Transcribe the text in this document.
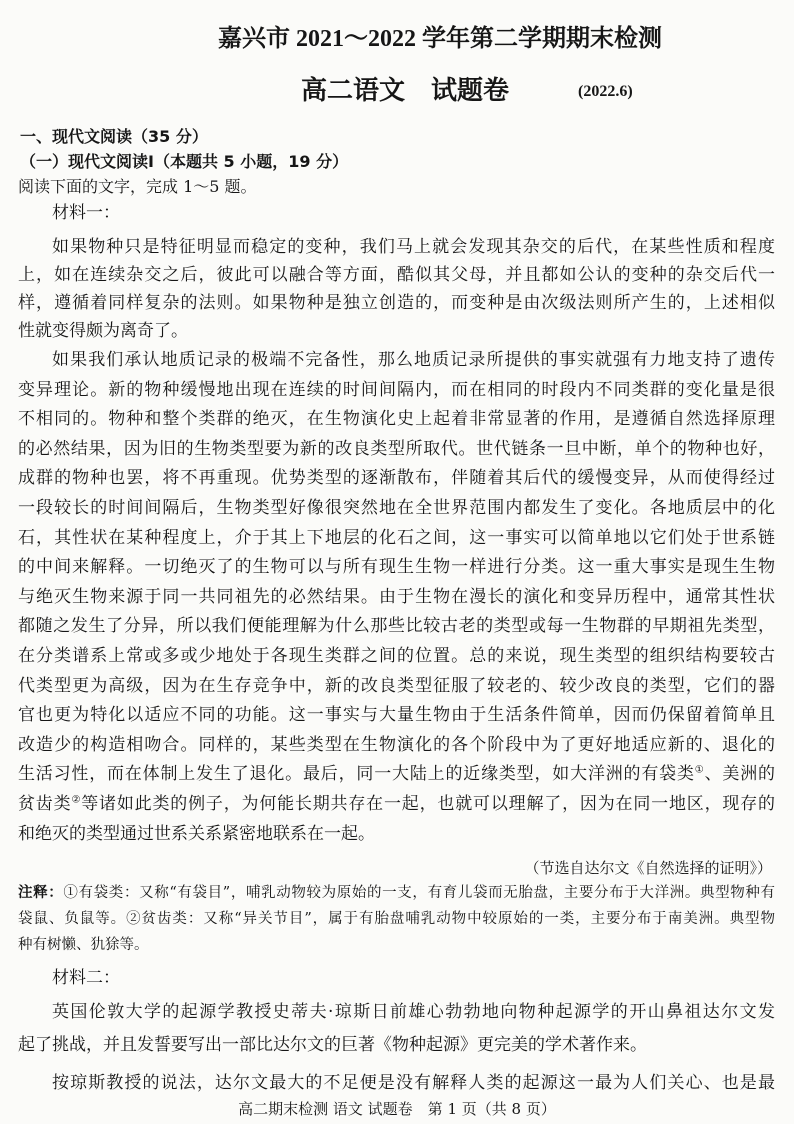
嘉兴市 2021～2022 学年第二学期期末检测
高二语文　试题卷	(2022.6)
一、现代文阅读（35 分）
（一）现代文阅读Ⅰ（本题共 5 小题，19 分）
阅读下面的文字，完成 1～5 题。
材料一：
如果物种只是特征明显而稳定的变种，我们马上就会发现其杂交的后代，在某些性质和程度
上，如在连续杂交之后，彼此可以融合等方面，酷似其父母，并且都如公认的变种的杂交后代一
样，遵循着同样复杂的法则。如果物种是独立创造的，而变种是由次级法则所产生的，上述相似
性就变得颇为离奇了。
如果我们承认地质记录的极端不完备性，那么地质记录所提供的事实就强有力地支持了遗传
变异理论。新的物种缓慢地出现在连续的时间间隔内，而在相同的时段内不同类群的变化量是很
不相同的。物种和整个类群的绝灭，在生物演化史上起着非常显著的作用，是遵循自然选择原理
的必然结果，因为旧的生物类型要为新的改良类型所取代。世代链条一旦中断，单个的物种也好，
成群的物种也罢，将不再重现。优势类型的逐渐散布，伴随着其后代的缓慢变异，从而使得经过
一段较长的时间间隔后，生物类型好像很突然地在全世界范围内都发生了变化。各地质层中的化
石，其性状在某种程度上，介于其上下地层的化石之间，这一事实可以简单地以它们处于世系链
的中间来解释。一切绝灭了的生物可以与所有现生生物一样进行分类。这一重大事实是现生生物
与绝灭生物来源于同一共同祖先的必然结果。由于生物在漫长的演化和变异历程中，通常其性状
都随之发生了分异，所以我们便能理解为什么那些比较古老的类型或每一生物群的早期祖先类型，
在分类谱系上常或多或少地处于各现生类群之间的位置。总的来说，现生类型的组织结构要较古
代类型更为高级，因为在生存竞争中，新的改良类型征服了较老的、较少改良的类型，它们的器
官也更为特化以适应不同的功能。这一事实与大量生物由于生活条件简单，因而仍保留着简单且
改造少的构造相吻合。同样的，某些类型在生物演化的各个阶段中为了更好地适应新的、退化的
生活习性，而在体制上发生了退化。最后，同一大陆上的近缘类型，如大洋洲的有袋类①、美洲的
贫齿类②等诸如此类的例子，为何能长期共存在一起，也就可以理解了，因为在同一地区，现存的
和绝灭的类型通过世系关系紧密地联系在一起。
（节选自达尔文《自然选择的证明》）
注释：①有袋类：又称“有袋目”，哺乳动物较为原始的一支，有育儿袋而无胎盘，主要分布于大洋洲。典型物种有
袋鼠、负鼠等。②贫齿类：又称“异关节目”，属于有胎盘哺乳动物中较原始的一类，主要分布于南美洲。典型物
种有树懒、犰狳等。
材料二：
英国伦敦大学的起源学教授史蒂夫·琼斯日前雄心勃勃地向物种起源学的开山鼻祖达尔文发
起了挑战，并且发誓要写出一部比达尔文的巨著《物种起源》更完美的学术著作来。
按琼斯教授的说法，达尔文最大的不足便是没有解释人类的起源这一最为人们关心、也是最
高二期末检测 语文 试题卷　第 1 页（共 8 页）
